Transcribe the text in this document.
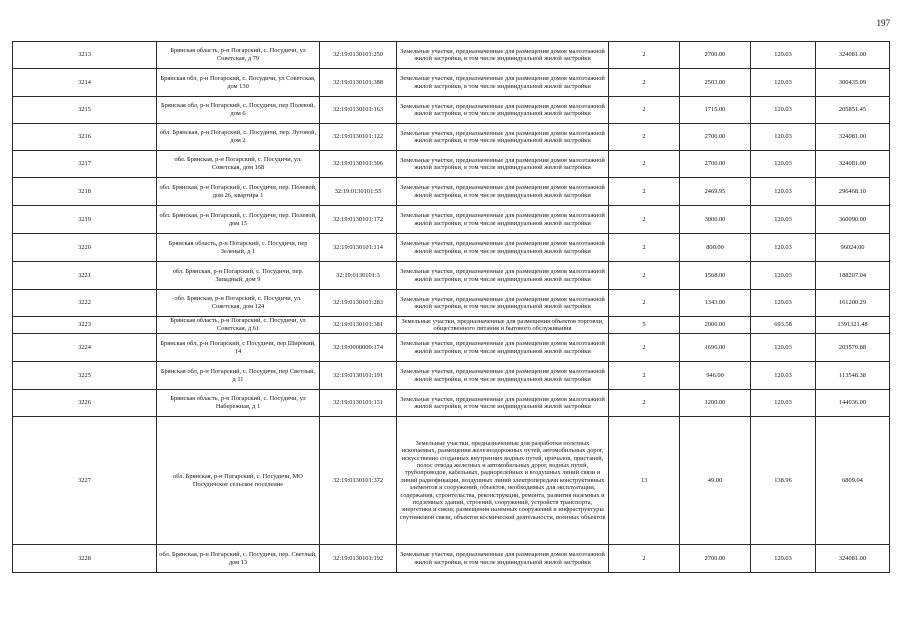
197
3213	Брянская область, р-н Погарский, с. Посудичи, ул Советская, д 79	32:19:0130101:250	Земельные участки, предназначенные для размещения домов малоэтажной жилой застройки, в том числе индивидуальной жилой застройки	2	2700.00	120.03	324081.00
3214	Брянская обл, р-н Погарский, с. Посудичи, ул Советская, дом 130	32:19:0130101:388	Земельные участки, предназначенные для размещения домов малоэтажной жилой застройки, в том числе индивидуальной жилой застройки	2	2503.00	120.03	300435.09
3215	Брянская обл, р-н Погарский, с. Посудичи, пер Полевой, дом 6	32:19:0130101:163	Земельные участки, предназначенные для размещения домов малоэтажной жилой застройки, в том числе индивидуальной жилой застройки	2	1715.00	120.03	205851.45
3216	обл. Брянская, р-н Погарский, с. Посудичи, пер. Луговой, дом 2	32:19:0130101:122	Земельные участки, предназначенные для размещения домов малоэтажной жилой застройки, в том числе индивидуальной жилой застройки	2	2700.00	120.03	324081.00
3217	обл. Брянская, р-н Погарский, с. Посудичи, ул. Советская, дом 168	32:19:0130101:306	Земельные участки, предназначенные для размещения домов малоэтажной жилой застройки, в том числе индивидуальной жилой застройки	2	2700.00	120.03	324081.00
3218	обл. Брянская, р-н Погарский, с. Посудичи, пер. Полевой, дом 26, квартира 1	32:19:0130101:55	Земельные участки, предназначенные для размещения домов малоэтажной жилой застройки, в том числе индивидуальной жилой застройки	2	2469.95	120.03	296468.10
3219	обл. Брянская, р-н Погарский, с. Посудичи, пер. Полевой, дом 15	32:19:0130101:172	Земельные участки, предназначенные для размещения домов малоэтажной жилой застройки, в том числе индивидуальной жилой застройки	2	3000.00	120.03	360090.00
3220	Брянская область, р-н Погарский, с. Посудичи, пер Зеленый, д 1	32:19:0130101:114	Земельные участки, предназначенные для размещения домов малоэтажной жилой застройки, в том числе индивидуальной жилой застройки	2	800.00	120.03	96024.00
3221	обл. Брянская, р-н Погарский, с. Посудичи, пер. Западный, дом 9	32:19:0130101:3	Земельные участки, предназначенные для размещения домов малоэтажной жилой застройки, в том числе индивидуальной жилой застройки	2	1568.00	120.03	188207.04
3222	обл. Брянская, р-н Погарский, с. Посудичи, ул. Советская, дом 124	32:19:0130101:283	Земельные участки, предназначенные для размещения домов малоэтажной жилой застройки, в том числе индивидуальной жилой застройки	2	1343.00	120.03	161200.29
3223	Брянская область, р-н Погарский, с. Посудичи, ул Советская, д 61	32:19:0130101:381	Земельные участки, предназначенные для размещения объектов торговли, общественного питания и бытового обслуживания	5	2006.00	693.58	1391321.48
3224	Брянская обл, р-н Погарский, с Посудичи, пер Широкий, 14	32:19:0000000:174	Земельные участки, предназначенные для размещения домов малоэтажной жилой застройки, в том числе индивидуальной жилой застройки	2	1696.00	120.03	203570.88
3225	Брянская обл, р-н Погарский, с. Посудичи, пер Светлый, д 11	32:19:0130101:191	Земельные участки, предназначенные для размещения домов малоэтажной жилой застройки, в том числе индивидуальной жилой застройки	2	946.00	120.03	113548.38
3226	Брянская область, р-н Погарский, с. Посудичи, ул Набережная, д 1	32:19:0130101:131	Земельные участки, предназначенные для размещения домов малоэтажной жилой застройки, в том числе индивидуальной жилой застройки	2	1200.00	120.03	144036.00
3227	обл. Брянская, р-н Погарский, с. Посудичи, МО Посудичское сельское поселение	32:19:0130101:372	Земельные участки, предназначенные для разработки полезных ископаемых, размещения железнодорожных путей, автомобильных дорог, искусственно созданных внутренних водных путей, причалов, пристаней, полос отвода железных и автомобильных дорог, водных путей, трубопроводов, кабельных, радиорелейных и воздушных линий связи и линий радиофикации, воздушных линий электропередачи конструктивных элементов и сооружений, объектов, необходимых для эксплуатации, содержания, строительства, реконструкции, ремонта, развития наземных и подземных зданий, строений, сооружений, устройств транспорта, энергетики и связи; размещения наземных сооружений и инфраструктуры спутниковой связи, объектов космической деятельности, военных объектов	13	49.00	138.96	6809.04
3228	обл. Брянская, р-н Погарский, с. Посудичи, пер. Светлый, дом 13	32:19:0130101:192	Земельные участки, предназначенные для размещения домов малоэтажной жилой застройки, в том числе индивидуальной жилой застройки	2	2700.00	120.03	324081.00
